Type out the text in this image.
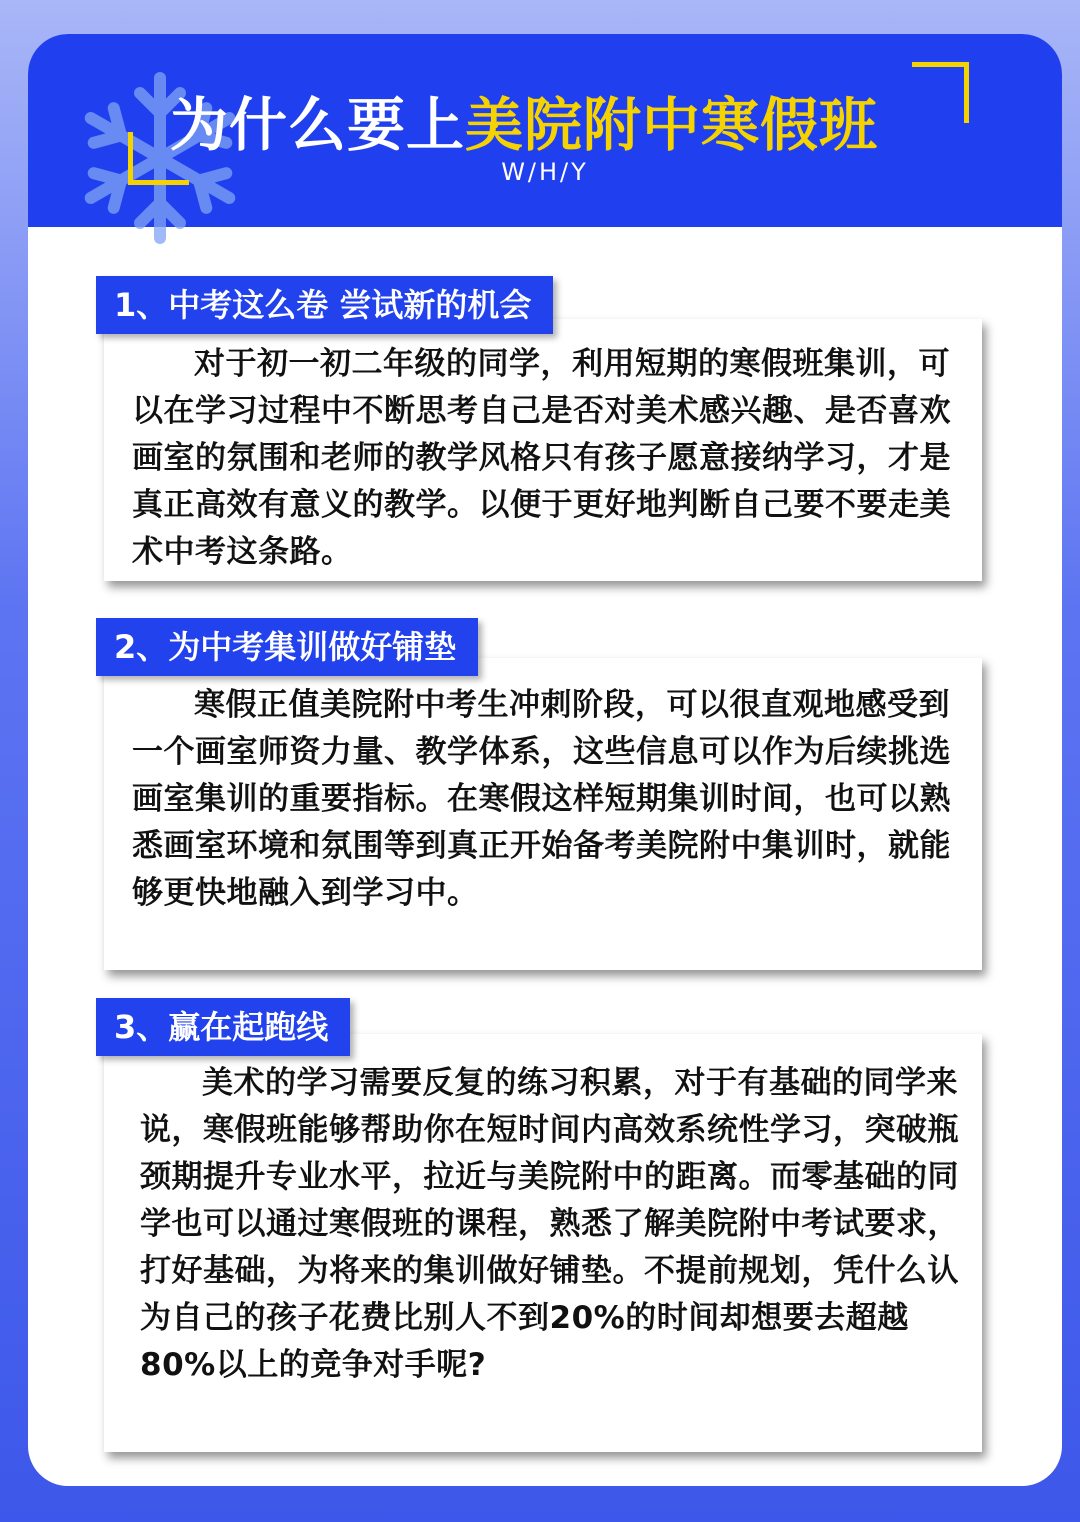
为什么要上美院附中寒假班
W/H/Y

对于初一初二年级的同学，利用短期的寒假班集训，可以在学习过程中不断思考自己是否对美术感兴趣、是否喜欢画室的氛围和老师的教学风格只有孩子愿意接纳学习，才是真正高效有意义的教学。以便于更好地判断自己要不要走美术中考这条路。

1、中考这么卷 尝试新的机会

寒假正值美院附中考生冲刺阶段，可以很直观地感受到一个画室师资力量、教学体系，这些信息可以作为后续挑选画室集训的重要指标。在寒假这样短期集训时间，也可以熟悉画室环境和氛围等到真正开始备考美院附中集训时，就能够更快地融入到学习中。

2、为中考集训做好铺垫

美术的学习需要反复的练习积累，对于有基础的同学来说，寒假班能够帮助你在短时间内高效系统性学习，突破瓶颈期提升专业水平，拉近与美院附中的距离。而零基础的同学也可以通过寒假班的课程，熟悉了解美院附中考试要求，打好基础，为将来的集训做好铺垫。不提前规划，凭什么认为自己的孩子花费比别人不到20%的时间却想要去超越80%以上的竞争对手呢?

3、赢在起跑线
